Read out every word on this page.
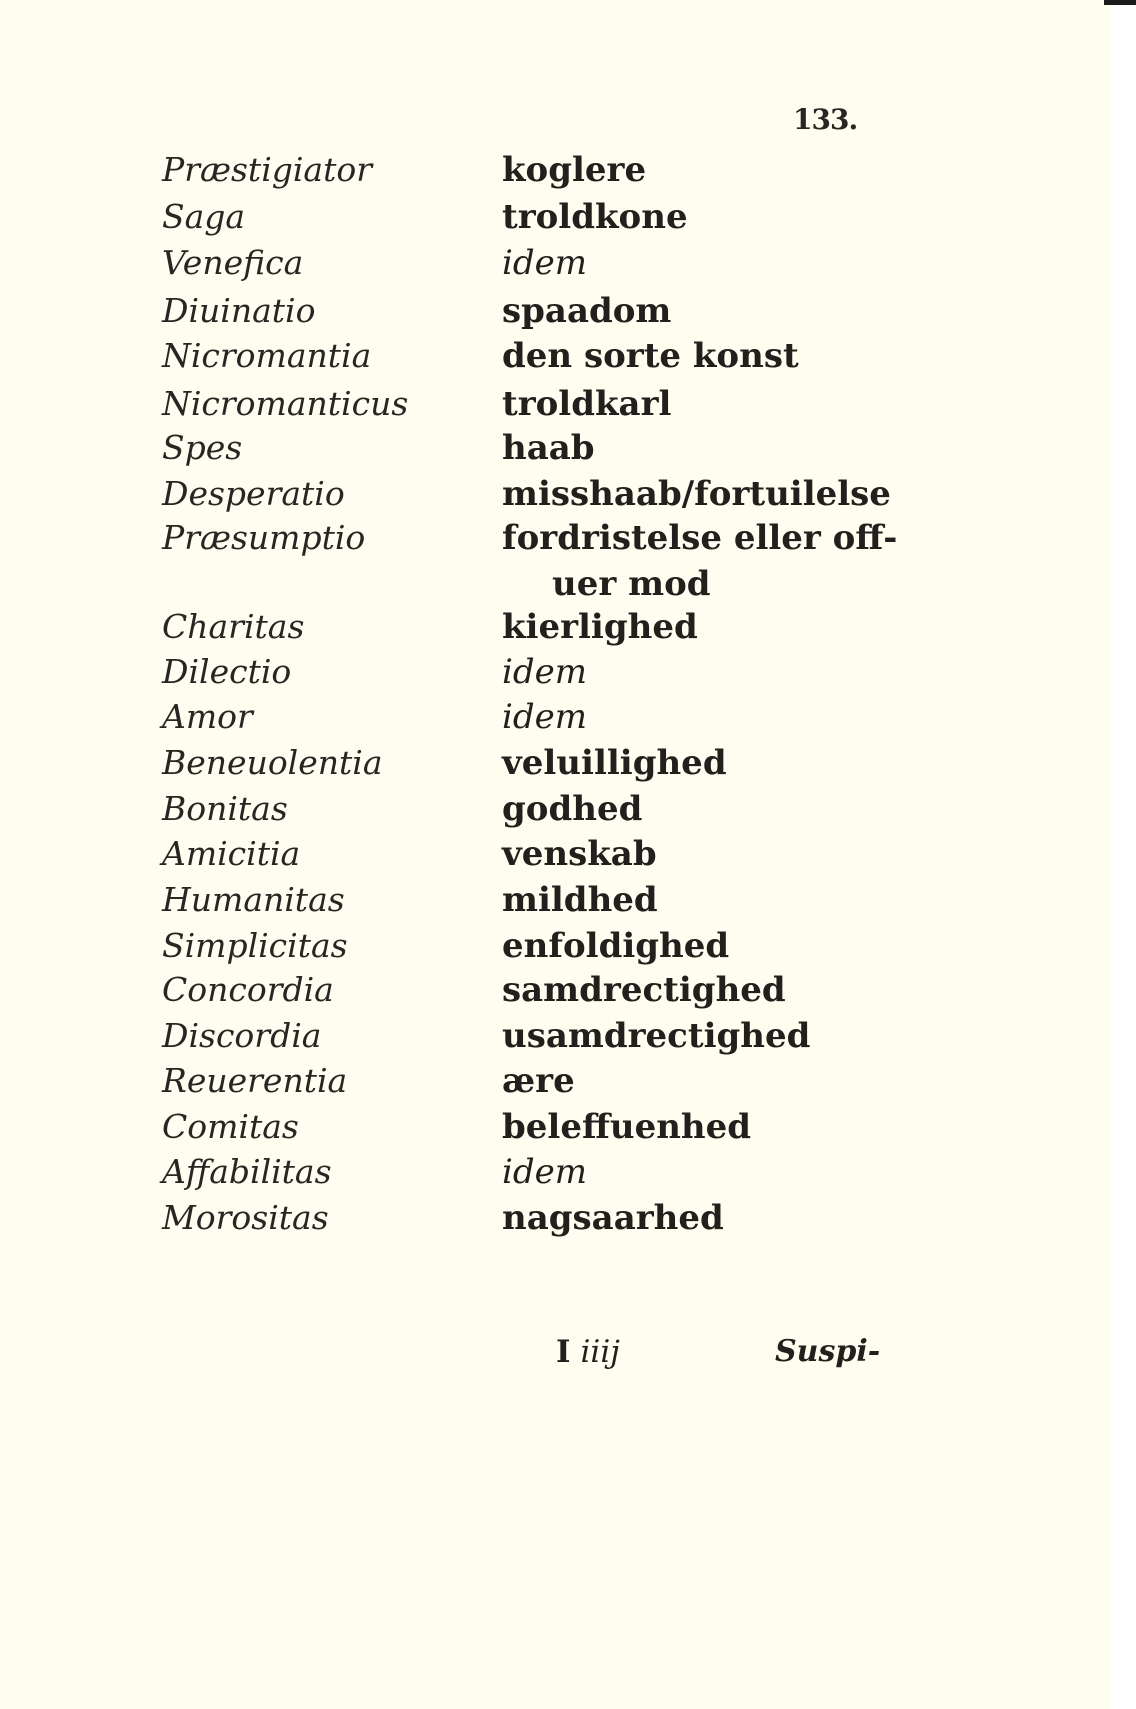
133.
Præstigiator	koglere
Saga	troldkone
Venefica	idem
Diuinatio	spaadom
Nicromantia	den sorte konst
Nicromanticus	troldkarl
Spes	haab
Desperatio	misshaab/fortuilelse
Præsumptio	fordristelse eller off-
uer mod
Charitas	kierlighed
Dilectio	idem
Amor	idem
Beneuolentia	veluillighed
Bonitas	godhed
Amicitia	venskab
Humanitas	mildhed
Simplicitas	enfoldighed
Concordia	samdrectighed
Discordia	usamdrectighed
Reuerentia	ære
Comitas	beleffuenhed
Affabilitas	idem
Morositas	nagsaarhed
I iiij	Suspi-
